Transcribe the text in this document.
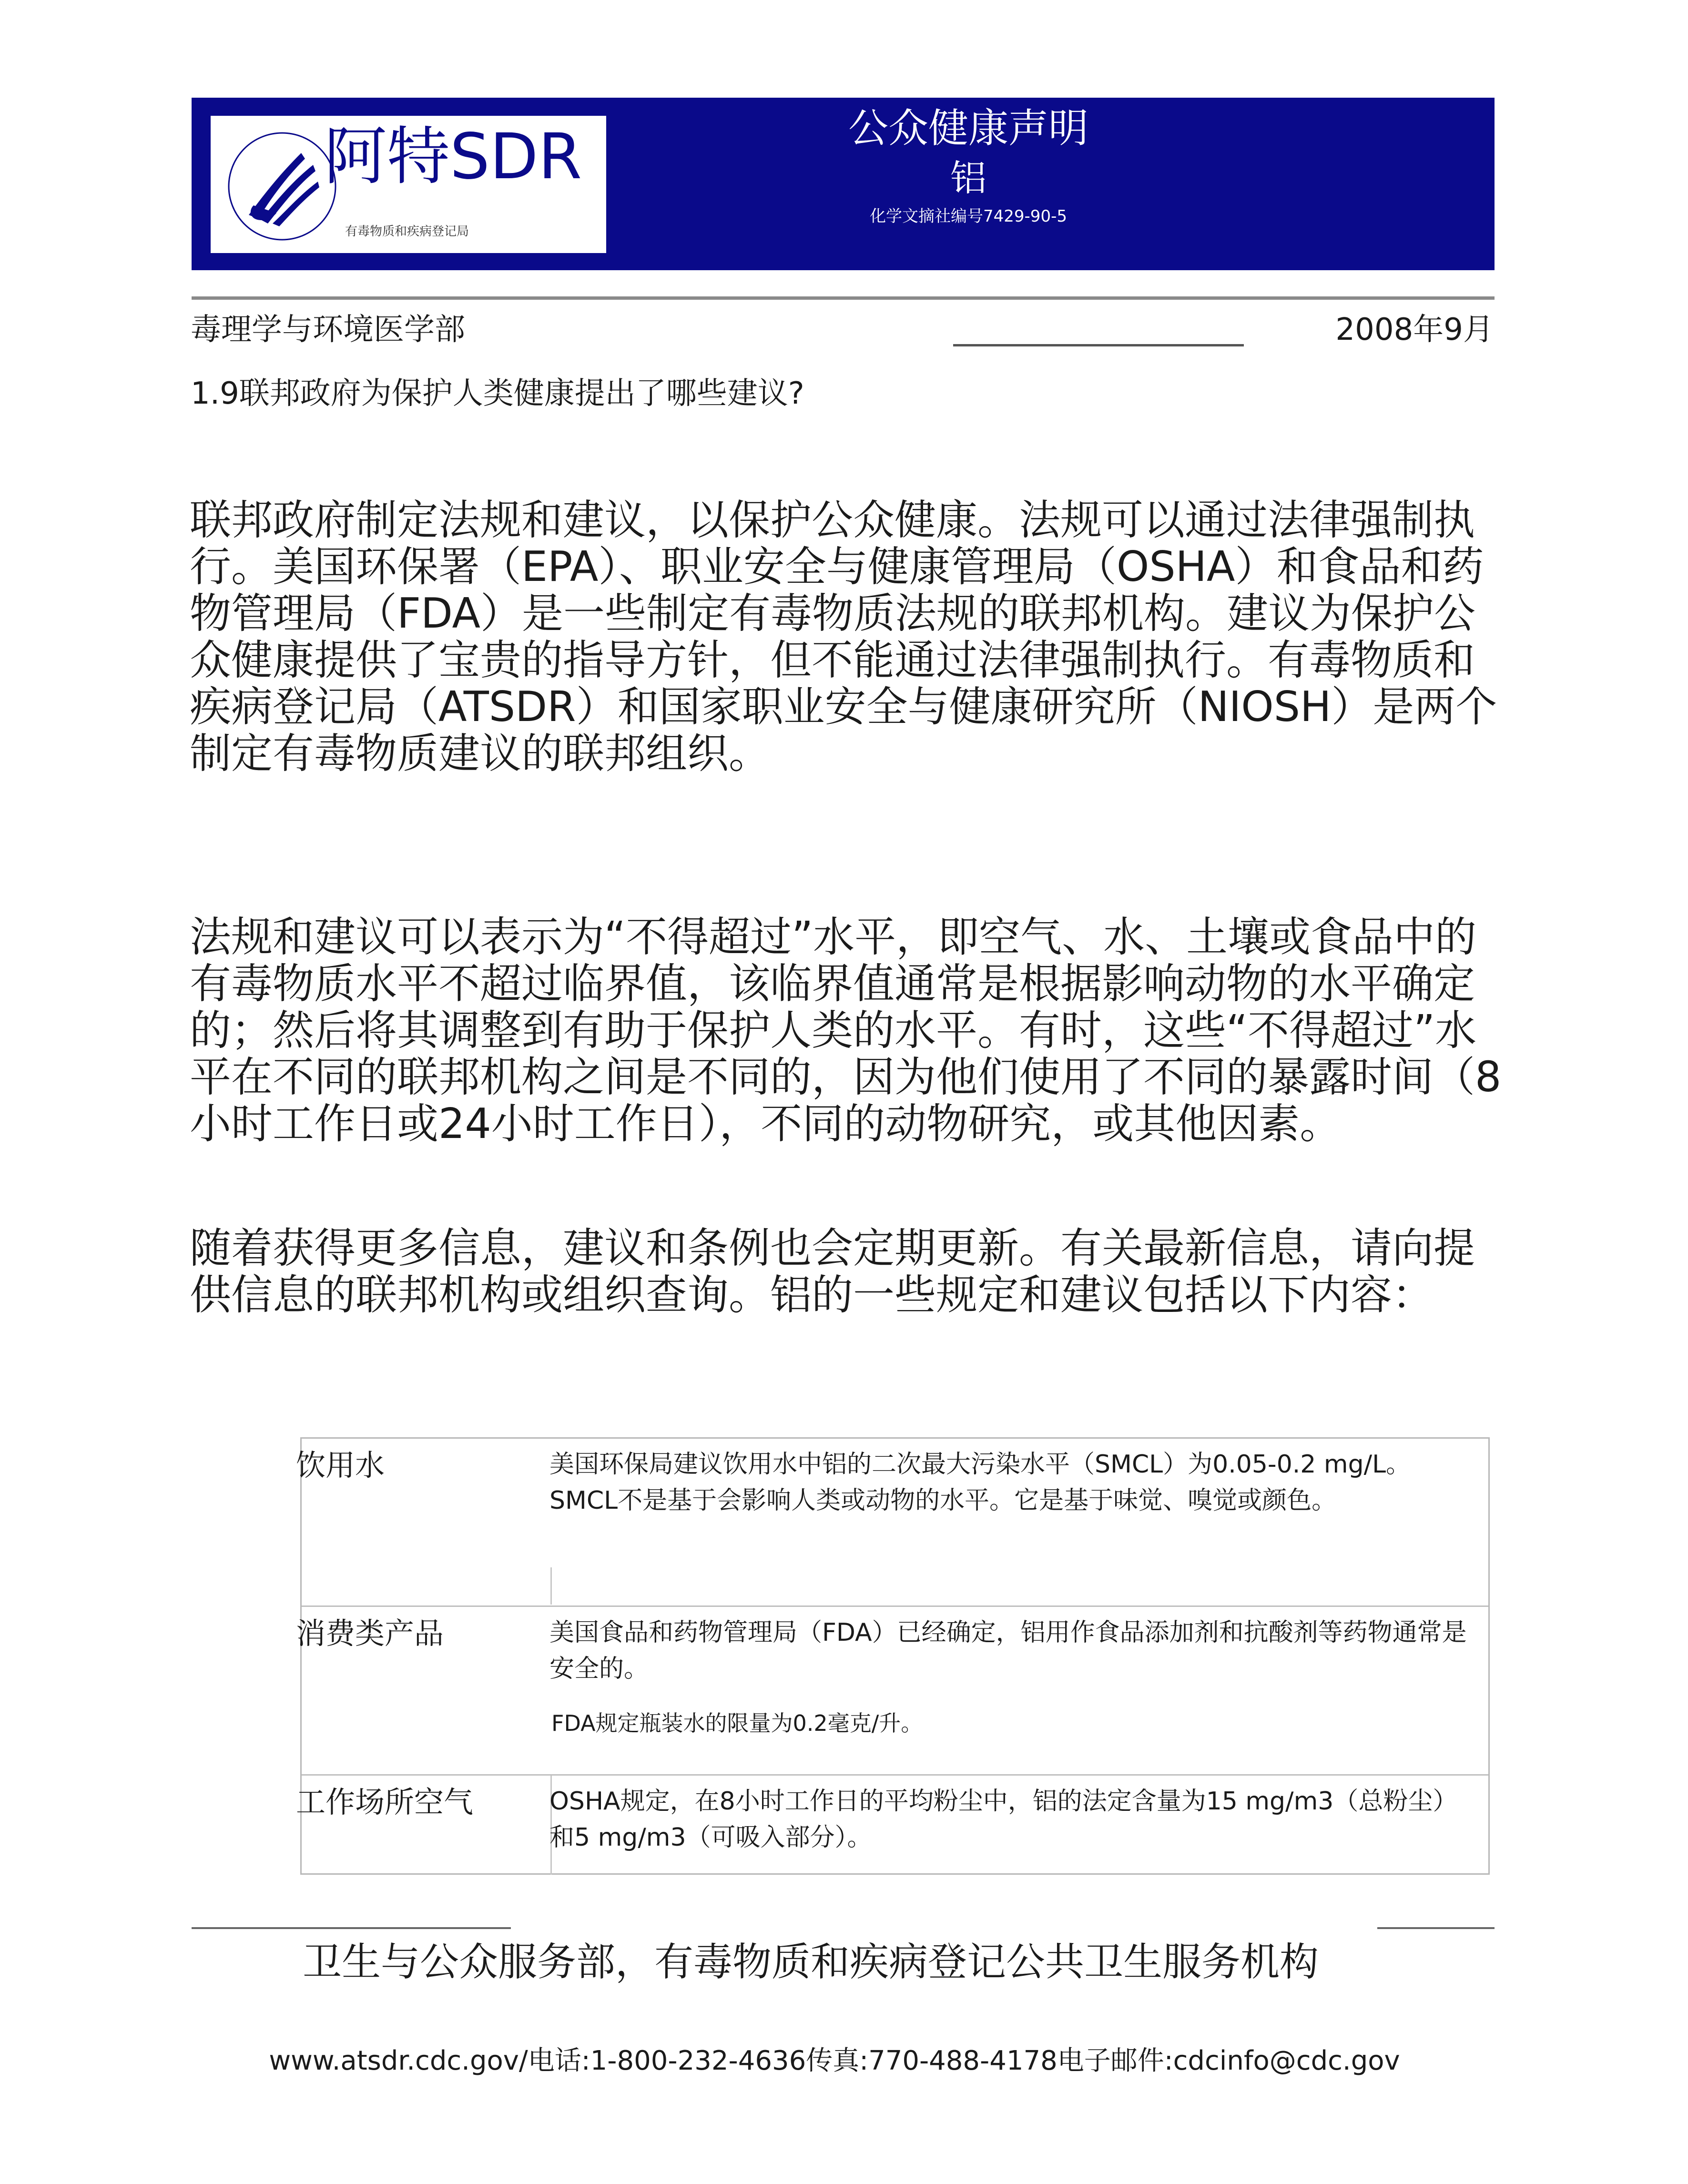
阿特SDR
有毒物质和疾病登记局
公众健康声明
铝
化学文摘社编号7429-90-5
毒理学与环境医学部	2008年9月
1.9联邦政府为保护人类健康提出了哪些建议?
联邦政府制定法规和建议，以保护公众健康。法规可以通过法律强制执行。美国环保署（EPA）、职业安全与健康管理局（OSHA）和食品和药物管理局（FDA）是一些制定有毒物质法规的联邦机构。建议为保护公众健康提供了宝贵的指导方针，但不能通过法律强制执行。有毒物质和疾病登记局（ATSDR）和国家职业安全与健康研究所（NIOSH）是两个制定有毒物质建议的联邦组织。
法规和建议可以表示为“不得超过”水平，即空气、水、土壤或食品中的有毒物质水平不超过临界值，该临界值通常是根据影响动物的水平确定的；然后将其调整到有助于保护人类的水平。有时，这些“不得超过”水平在不同的联邦机构之间是不同的，因为他们使用了不同的暴露时间（8小时工作日或24小时工作日），不同的动物研究，或其他因素。
随着获得更多信息，建议和条例也会定期更新。有关最新信息，请向提供信息的联邦机构或组织查询。铝的一些规定和建议包括以下内容：
饮用水	美国环保局建议饮用水中铝的二次最大污染水平（SMCL）为0.05-0.2 mg/L。SMCL不是基于会影响人类或动物的水平。它是基于味觉、嗅觉或颜色。
消费类产品	美国食品和药物管理局（FDA）已经确定，铝用作食品添加剂和抗酸剂等药物通常是安全的。
FDA规定瓶装水的限量为0.2毫克/升。
工作场所空气	OSHA规定，在8小时工作日的平均粉尘中，铝的法定含量为15 mg/m3（总粉尘）和5 mg/m3（可吸入部分）。
卫生与公众服务部，有毒物质和疾病登记公共卫生服务机构
www.atsdr.cdc.gov/电话:1-800-232-4636传真:770-488-4178电子邮件:cdcinfo@cdc.gov
